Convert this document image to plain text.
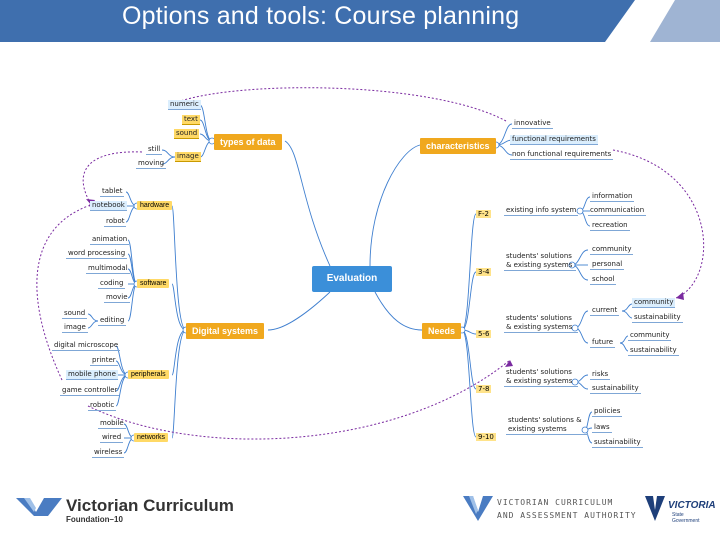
Options and tools: Course planning
Evaluation
types of data	characteristics
Digital systems	Needs
numeric
text
sound
image
still
moving
innovative
functional requirements
non functional requirements
hardware
tablet
notebook
robot
software
animation
word processing
multimodal
coding
movie
sound
image
editing
peripherals
digital microscope
printer
mobile phone
game controller
robotic
networks
mobile
wired
wireless
F-2
3-4
5-6
7-8
9-10
existing info system
students' solutions & existing systems
students' solutions & existing systems
students' solutions & existing systems
students' solutions & existing systems
information
communication
recreation
community
personal
school
current
community
sustainability
future
community
sustainability
risks
sustainability
policies
laws
sustainability
Victorian Curriculum
Foundation–10
VICTORIAN CURRICULUM
AND ASSESSMENT AUTHORITY
VICTORIA
State
Government
